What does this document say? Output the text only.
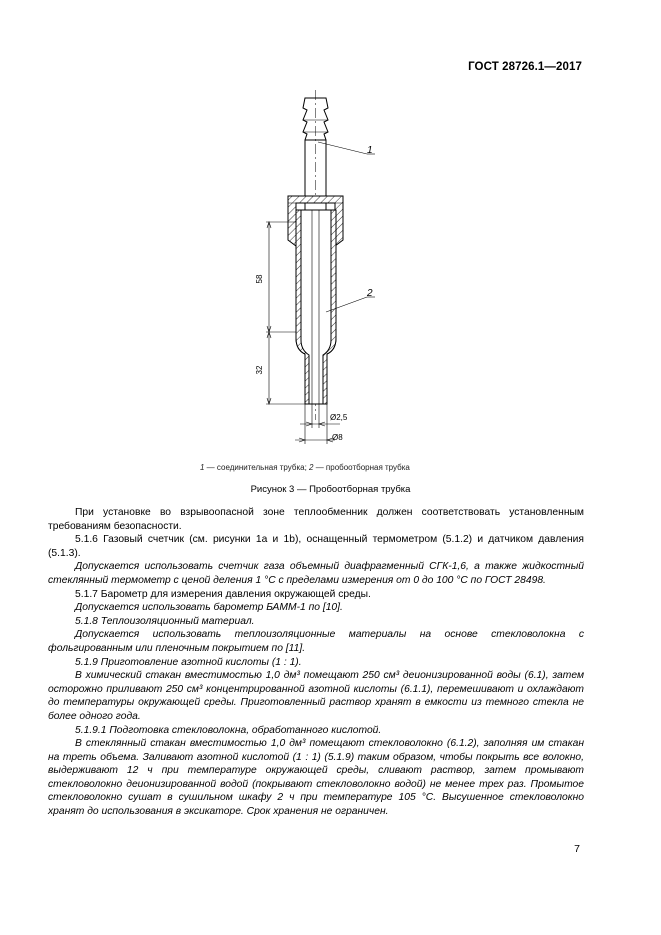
ГОСТ 28726.1—2017
58
32
Ø2,5
Ø8
1
2
1 — соединительная трубка; 2 — пробоотборная трубка
Рисунок 3 — Пробоотборная трубка

При установке во взрывоопасной зоне теплообменник должен соответствовать установленным требованиям безопасности.

5.1.6 Газовый счетчик (см. рисунки 1а и 1b), оснащенный термометром (5.1.2) и датчиком давления (5.1.3).

Допускается использовать счетчик газа объемный диафрагменный СГК-1,6, а также жидкостный стеклянный термометр с ценой деления 1 °С с пределами измерения от 0 до 100 °С по ГОСТ 28498.

5.1.7 Барометр для измерения давления окружающей среды.

Допускается использовать барометр БАММ-1 по [10].

5.1.8 Теплоизоляционный материал.

Допускается использовать теплоизоляционные материалы на основе стекловолокна с фольгированным или пленочным покрытием по [11].

5.1.9 Приготовление азотной кислоты (1 : 1).

В химический стакан вместимостью 1,0 дм³ помещают 250 см³ деионизированной воды (6.1), затем осторожно приливают 250 см³ концентрированной азотной кислоты (6.1.1), перемешивают и охлаждают до температуры окружающей среды. Приготовленный раствор хранят в емкости из темного стекла не более одного года.

5.1.9.1 Подготовка стекловолокна, обработанного кислотой.

В стеклянный стакан вместимостью 1,0 дм³ помещают стекловолокно (6.1.2), заполняя им стакан на треть объема. Заливают азотной кислотой (1 : 1) (5.1.9) таким образом, чтобы покрыть все волокно, выдерживают 12 ч при температуре окружающей среды, сливают раствор, затем промывают стекловолокно деионизированной водой (покрывают стекловолокно водой) не менее трех раз. Промытое стекловолокно сушат в сушильном шкафу 2 ч при температуре 105 °С. Высушенное стекловолокно хранят до использования в эксикаторе. Срок хранения не ограничен.

7
